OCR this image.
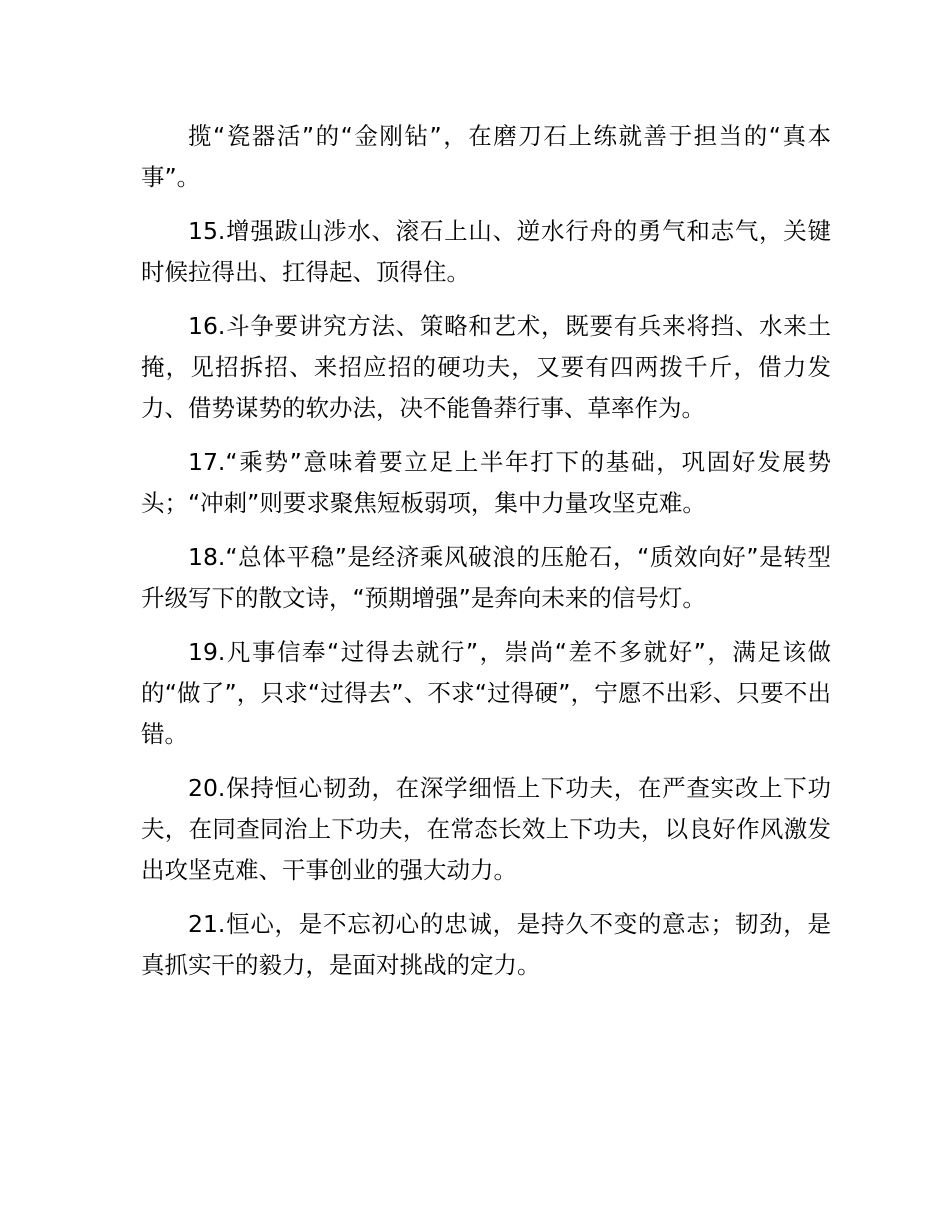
揽“瓷器活”的“金刚钻”，在磨刀石上练就善于担当的“真本事”。

15.增强跋山涉水、滚石上山、逆水行舟的勇气和志气，关键时候拉得出、扛得起、顶得住。

16.斗争要讲究方法、策略和艺术，既要有兵来将挡、水来土掩，见招拆招、来招应招的硬功夫，又要有四两拨千斤，借力发力、借势谋势的软办法，决不能鲁莽行事、草率作为。

17.“乘势”意味着要立足上半年打下的基础，巩固好发展势头；“冲刺”则要求聚焦短板弱项，集中力量攻坚克难。

18.“总体平稳”是经济乘风破浪的压舱石，“质效向好”是转型升级写下的散文诗，“预期增强”是奔向未来的信号灯。

19.凡事信奉“过得去就行”，崇尚“差不多就好”，满足该做的“做了”，只求“过得去”、不求“过得硬”，宁愿不出彩、只要不出错。

20.保持恒心韧劲，在深学细悟上下功夫，在严查实改上下功夫，在同查同治上下功夫，在常态长效上下功夫，以良好作风激发出攻坚克难、干事创业的强大动力。

21.恒心，是不忘初心的忠诚，是持久不变的意志；韧劲，是真抓实干的毅力，是面对挑战的定力。
